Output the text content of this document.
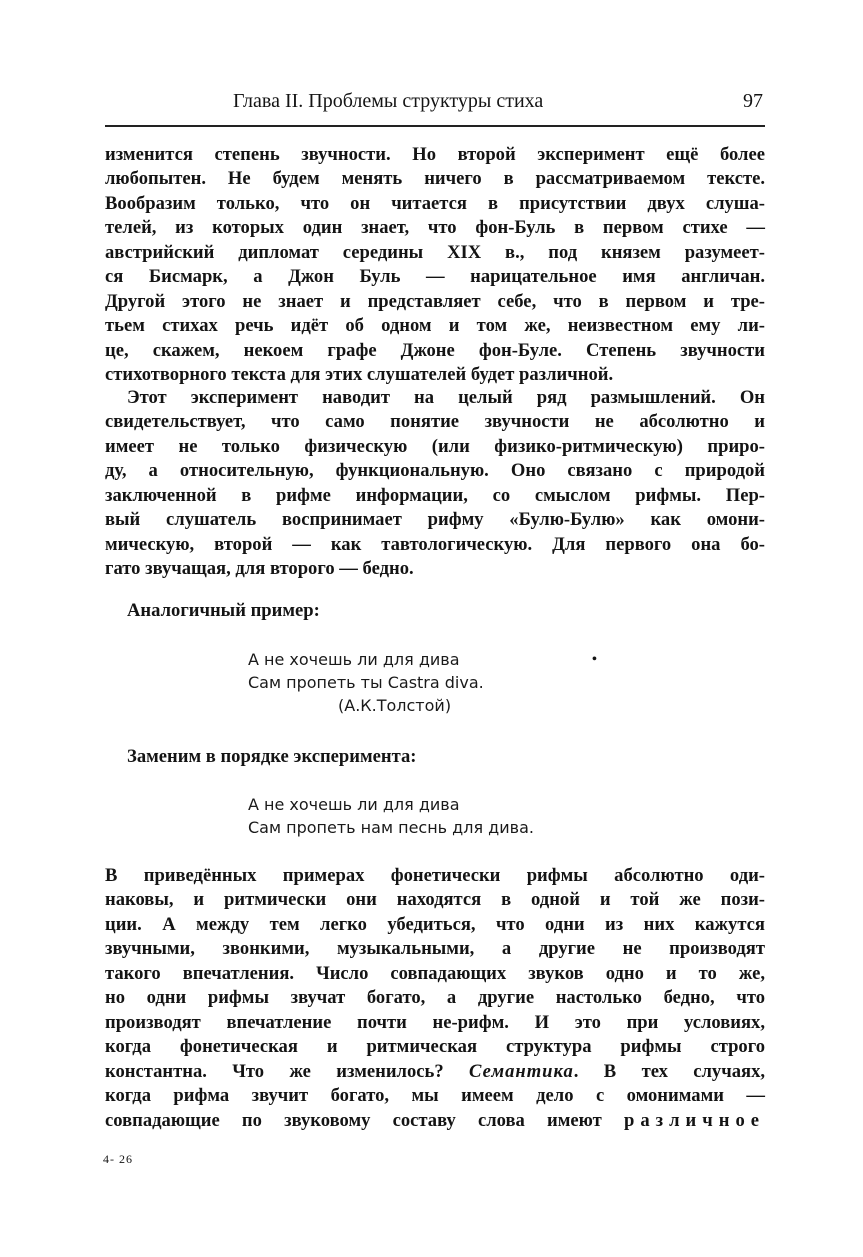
Глава II. Проблемы структуры стиха	97
изменится степень звучности. Но второй эксперимент ещё более
любопытен. Не будем менять ничего в рассматриваемом тексте.
Вообразим только, что он читается в присутствии двух слуша-
телей, из которых один знает, что фон-Буль в первом стихе —
австрийский дипломат середины XIX в., под князем разумеет-
ся Бисмарк, а Джон Буль — нарицательное имя англичан.
Другой этого не знает и представляет себе, что в первом и тре-
тьем стихах речь идёт об одном и том же, неизвестном ему ли-
це, скажем, некоем графе Джоне фон-Буле. Степень звучности
стихотворного текста для этих слушателей будет различной.
Этот эксперимент наводит на целый ряд размышлений. Он
свидетельствует, что само понятие звучности не абсолютно и
имеет не только физическую (или физико-ритмическую) приро-
ду, а относительную, функциональную. Оно связано с природой
заключенной в рифме информации, со смыслом рифмы. Пер-
вый слушатель воспринимает рифму «Булю-Булю» как омони-
мическую, второй — как тавтологическую. Для первого она бо-
гато звучащая, для второго — бедно.

Аналогичный пример:

А не хочешь ли для дива
Сам пропеть ты Castra diva.
(А.К.Толстой)
•

Заменим в порядке эксперимента:

А не хочешь ли для дива
Сам пропеть нам песнь для дива.
В приведённых примерах фонетически рифмы абсолютно оди-
наковы, и ритмически они находятся в одной и той же пози-
ции. А между тем легко убедиться, что одни из них кажутся
звучными, звонкими, музыкальными, а другие не производят
такого впечатления. Число совпадающих звуков одно и то же,
но одни рифмы звучат богато, а другие настолько бедно, что
производят впечатление почти не-рифм. И это при условиях,
когда фонетическая и ритмическая структура рифмы строго
константна. Что же изменилось? Семантика. В тех случаях,
когда рифма звучит богато, мы имеем дело с омонимами —
совпадающие по звуковому составу слова имеют различное
4- 26
